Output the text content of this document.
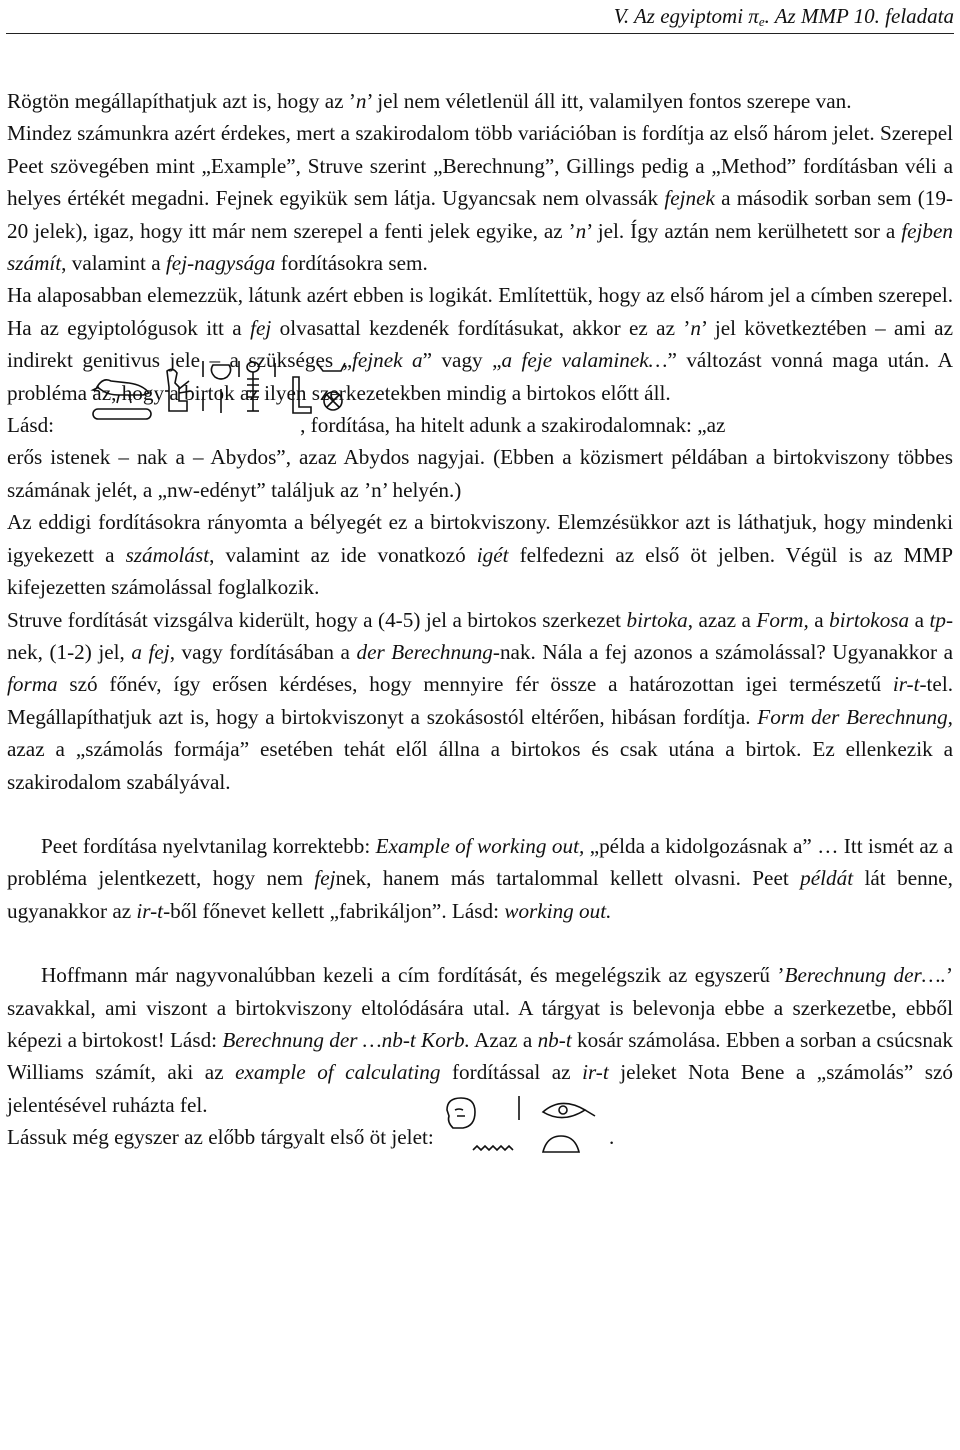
V. Az egyiptomi $\pi_e$. Az MMP 10. feladata

Rögtön megállapíthatjuk azt is, hogy az ’n’ jel nem véletlenül áll itt, valamilyen fontos szerepe van.

Mindez számunkra azért érdekes, mert a szakirodalom több variációban is fordítja az első három jelet. Szerepel Peet szövegében mint „Example”, Struve szerint „Berechnung”, Gillings pedig a „Method” fordításban véli a helyes értékét megadni. Fejnek egyikük sem látja. Ugyancsak nem olvassák fejnek a második sorban sem (19-20 jelek), igaz, hogy itt már nem szerepel a fenti jelek egyike, az ’n’ jel. Így aztán nem kerülhetett sor a fejben számít, valamint a fej-nagysága fordításokra sem.

Ha alaposabban elemezzük, látunk azért ebben is logikát. Említettük, hogy az első három jel a címben szerepel. Ha az egyiptológusok itt a fej olvasattal kezdenék fordításukat, akkor ez az ’n’ jel következtében – ami az indirekt genitivus jele – a szükséges „fejnek a” vagy „a feje valaminek…” változást vonná maga után. A probléma az, hogy a birtok az ilyen szerkezetekben mindig a birtokos előtt áll.

Lásd:	, fordítása, ha hitelt adunk a szakirodalomnak: „az

erős istenek – nak a – Abydos”, azaz Abydos nagyjai. (Ebben a közismert példában a birtokviszony többes számának jelét, a „nw-edényt” találjuk az ’n’ helyén.)

Az eddigi fordításokra rányomta a bélyegét ez a birtokviszony. Elemzésükkor azt is láthatjuk, hogy mindenki igyekezett a számolást, valamint az ide vonatkozó igét felfedezni az első öt jelben. Végül is az MMP kifejezetten számolással foglalkozik.

Struve fordítását vizsgálva kiderült, hogy a (4-5) jel a birtokos szerkezet birtoka, azaz a Form, a birtokosa a tp-nek, (1-2) jel, a fej, vagy fordításában a der Berechnung-nak. Nála a fej azonos a számolással? Ugyanakkor a forma szó főnév, így erősen kérdéses, hogy mennyire fér össze a határozottan igei természetű ir-t-tel. Megállapíthatjuk azt is, hogy a birtokviszonyt a szokásostól eltérően, hibásan fordítja. Form der Berechnung, azaz a „számolás formája” esetében tehát elől állna a birtokos és csak utána a birtok. Ez ellenkezik a szakirodalom szabályával.

Peet fordítása nyelvtanilag korrektebb: Example of working out, „példa a kidolgozásnak a” … Itt ismét az a probléma jelentkezett, hogy nem fejnek, hanem más tartalommal kellett olvasni. Peet példát lát benne, ugyanakkor az ir-t-ből főnevet kellett „fabrikáljon”. Lásd: working out.

Hoffmann már nagyvonalúbban kezeli a cím fordítását, és megelégszik az egyszerű ’Berechnung der….’ szavakkal, ami viszont a birtokviszony eltolódására utal. A tárgyat is belevonja ebbe a szerkezetbe, ebből képezi a birtokost! Lásd: Berechnung der …nb-t Korb. Azaz a nb-t kosár számolása. Ebben a sorban a csúcsnak Williams számít, aki az example of calculating fordítással az ir-t jeleket Nota Bene a „számolás” szó jelentésével ruházta fel.

Lássuk még egyszer az előbb tárgyalt első öt jelet:	.
